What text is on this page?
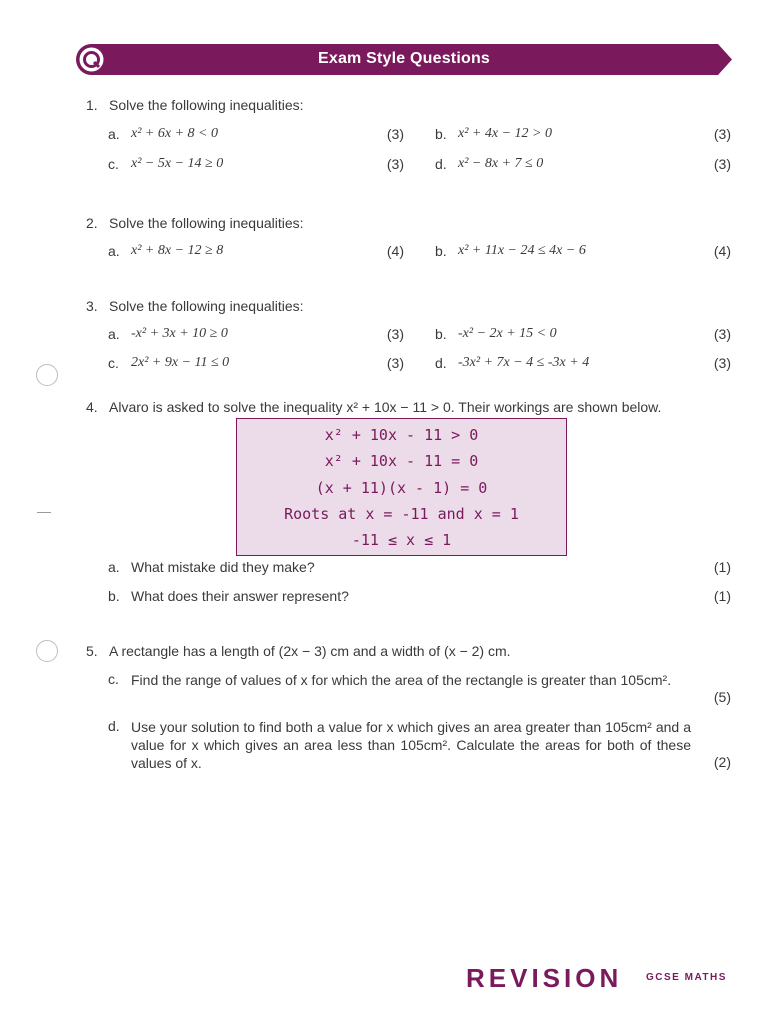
Exam Style Questions
1. Solve the following inequalities:
a. x² + 6x + 8 < 0	(3) b. x² + 4x − 12 > 0	(3)
c. x² − 5x − 14 ≥ 0	(3) d. x² − 8x + 7 ≤ 0	(3)
2. Solve the following inequalities:
a. x² + 8x − 12 ≥ 8	(4) b. x² + 11x − 24 ≤ 4x − 6	(4)
3. Solve the following inequalities:
a. -x² + 3x + 10 ≥ 0	(3) b. -x² − 2x + 15 < 0	(3)
c. 2x² + 9x − 11 ≤ 0	(3) d. -3x² + 7x − 4 ≤ -3x + 4	(3)
4. Alvaro is asked to solve the inequality x² + 10x − 11 > 0. Their workings are shown below.
x² + 10x - 11 > 0
x² + 10x - 11 = 0
(x + 11)(x - 1) = 0
Roots at x = -11 and x = 1
-11 ≤ x ≤ 1
a. What mistake did they make?	(1)
b. What does their answer represent?	(1)
5. A rectangle has a length of (2x − 3) cm and a width of (x − 2) cm.
c. Find the range of values of x for which the area of the rectangle is greater than 105cm².
(5)
d. Use your solution to find both a value for x which gives an area greater than 105cm² and a value for x which gives an area less than 105cm². Calculate the areas for both of these values of x.	(2)
REVISION GCSE MATHS
